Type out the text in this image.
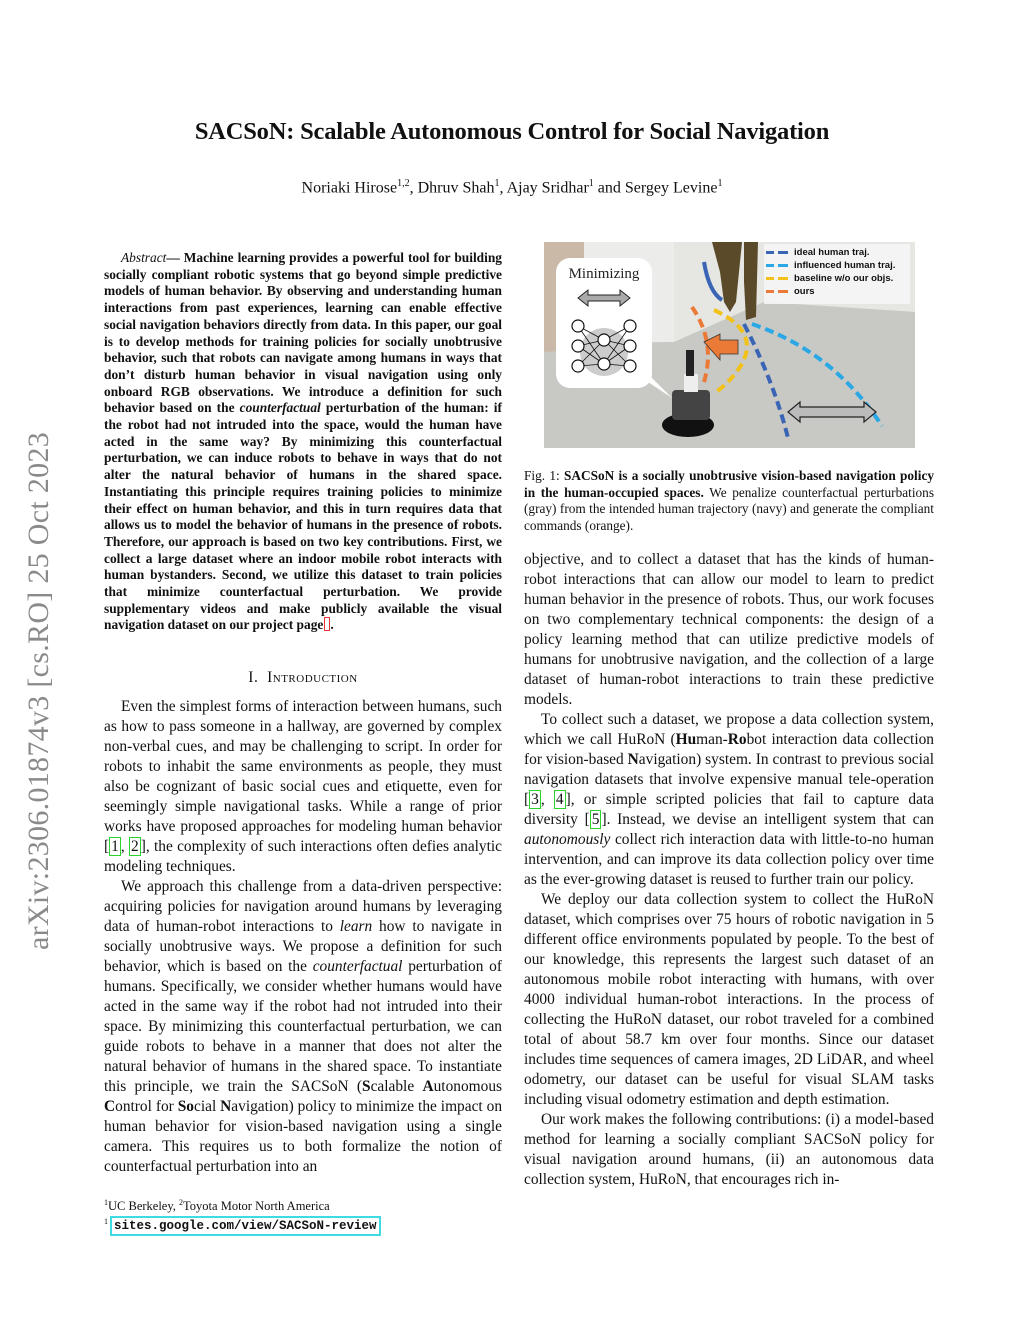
SACSoN: Scalable Autonomous Control for Social Navigation
Noriaki Hirose$^{1,2}$, Dhruv Shah$^1$, Ajay Sridhar$^1$ and Sergey Levine$^1$
arXiv:2306.01874v3 [cs.RO] 25 Oct 2023

Abstract— Machine learning provides a powerful tool for building socially compliant robotic systems that go beyond simple predictive models of human behavior. By observing and understanding human interactions from past experiences, learning can enable effective social navigation behaviors directly from data. In this paper, our goal is to develop methods for training policies for socially unobtrusive behavior, such that robots can navigate among humans in ways that don’t disturb human behavior in visual navigation using only onboard RGB observations. We introduce a definition for such behavior based on the counterfactual perturbation of the human: if the robot had not intruded into the space, would the human have acted in the same way? By minimizing this counterfactual perturbation, we can induce robots to behave in ways that do not alter the natural behavior of humans in the shared space. Instantiating this principle requires training policies to minimize their effect on human behavior, and this in turn requires data that allows us to model the behavior of humans in the presence of robots. Therefore, our approach is based on two key contributions. First, we collect a large dataset where an indoor mobile robot interacts with human bystanders. Second, we utilize this dataset to train policies that minimize counterfactual perturbation. We provide supplementary videos and make publicly available the visual navigation dataset on our project page .

I. Introduction

Even the simplest forms of interaction between humans, such as how to pass someone in a hallway, are governed by complex non-verbal cues, and may be challenging to script. In order for robots to inhabit the same environments as people, they must also be cognizant of basic social cues and etiquette, even for seemingly simple navigational tasks. While a range of prior works have proposed approaches for modeling human behavior [ 1 , 2 ], the complexity of such interactions often defies analytic modeling techniques.

We approach this challenge from a data-driven perspective: acquiring policies for navigation around humans by leveraging data of human-robot interactions to learn how to navigate in socially unobtrusive ways. We propose a definition for such behavior, which is based on the counterfactual perturbation of humans. Specifically, we consider whether humans would have acted in the same way if the robot had not intruded into their space. By minimizing this counterfactual perturbation, we can guide robots to behave in a manner that does not alter the natural behavior of humans in the shared space. To instantiate this principle, we train the SACSoN (Scalable Autonomous Control for Social Navigation) policy to minimize the impact on human behavior for vision-based navigation using a single camera. This requires us to both formalize the notion of counterfactual perturbation into an

$^1$UC Berkeley, $^2$Toyota Motor North America
$^1$ sites.google.com/view/SACSoN-review
Minimizing
ideal human traj.
influenced human traj.
baseline w/o our objs.
ours
Fig. 1: SACSoN is a socially unobtrusive vision-based navigation policy in the human-occupied spaces. We penalize counterfactual perturbations (gray) from the intended human trajectory (navy) and generate the compliant commands (orange).

objective, and to collect a dataset that has the kinds of human-robot interactions that can allow our model to learn to predict human behavior in the presence of robots. Thus, our work focuses on two complementary technical components: the design of a policy learning method that can utilize predictive models of humans for unobtrusive navigation, and the collection of a large dataset of human-robot interactions to train these predictive models.

To collect such a dataset, we propose a data collection system, which we call HuRoN (Human-Robot interaction data collection for vision-based Navigation) system. In contrast to previous social navigation datasets that involve expensive manual tele-operation [ 3 , 4 ], or simple scripted policies that fail to capture data diversity [ 5 ]. Instead, we devise an intelligent system that can autonomously collect rich interaction data with little-to-no human intervention, and can improve its data collection policy over time as the ever-growing dataset is reused to further train our policy.

We deploy our data collection system to collect the HuRoN dataset, which comprises over 75 hours of robotic navigation in 5 different office environments populated by people. To the best of our knowledge, this represents the largest such dataset of an autonomous mobile robot interacting with humans, with over 4000 individual human-robot interactions. In the process of collecting the HuRoN dataset, our robot traveled for a combined total of about 58.7 km over four months. Since our dataset includes time sequences of camera images, 2D LiDAR, and wheel odometry, our dataset can be useful for visual SLAM tasks including visual odometry estimation and depth estimation.

Our work makes the following contributions: (i) a model-based method for learning a socially compliant SACSoN policy for visual navigation around humans, (ii) an autonomous data collection system, HuRoN, that encourages rich in-
